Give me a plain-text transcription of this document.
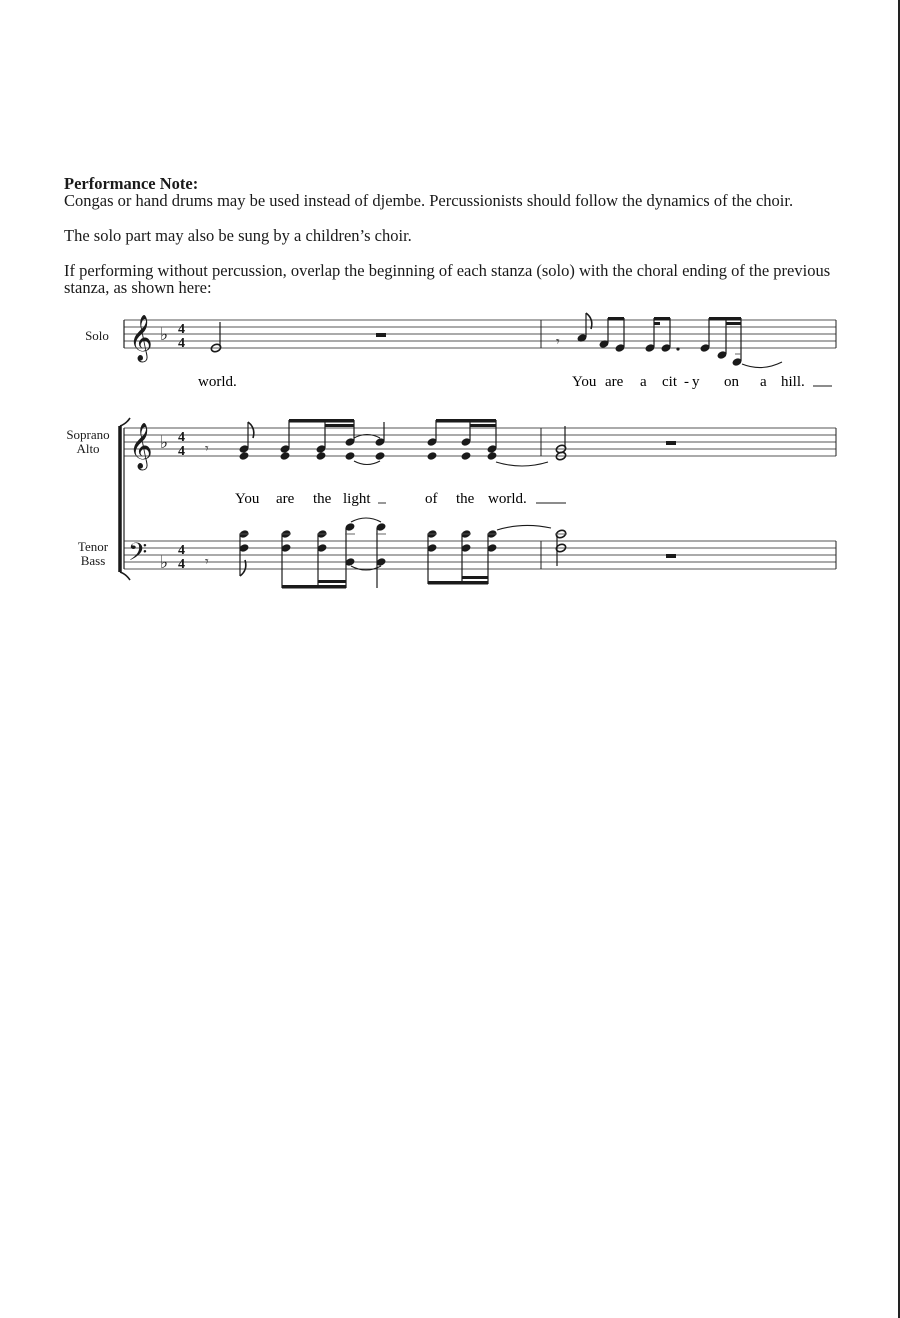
Performance Note:

Congas or hand drums may be used instead of djembe. Percussionists should follow the dynamics of the choir.

The solo part may also be sung by a children’s choir.

If performing without percussion, overlap the beginning of each stanza (solo) with the choral ending of the previous stanza, as shown here:

Solo
Soprano
Alto
Tenor
Bass
𝄞 ♭ 4
4	𝄾
world.	You are a cit - y on a hill.
𝄞 ♭ 4
4 𝄾
You are the light	of the world.
𝄢 ♭
4
4 𝄾
